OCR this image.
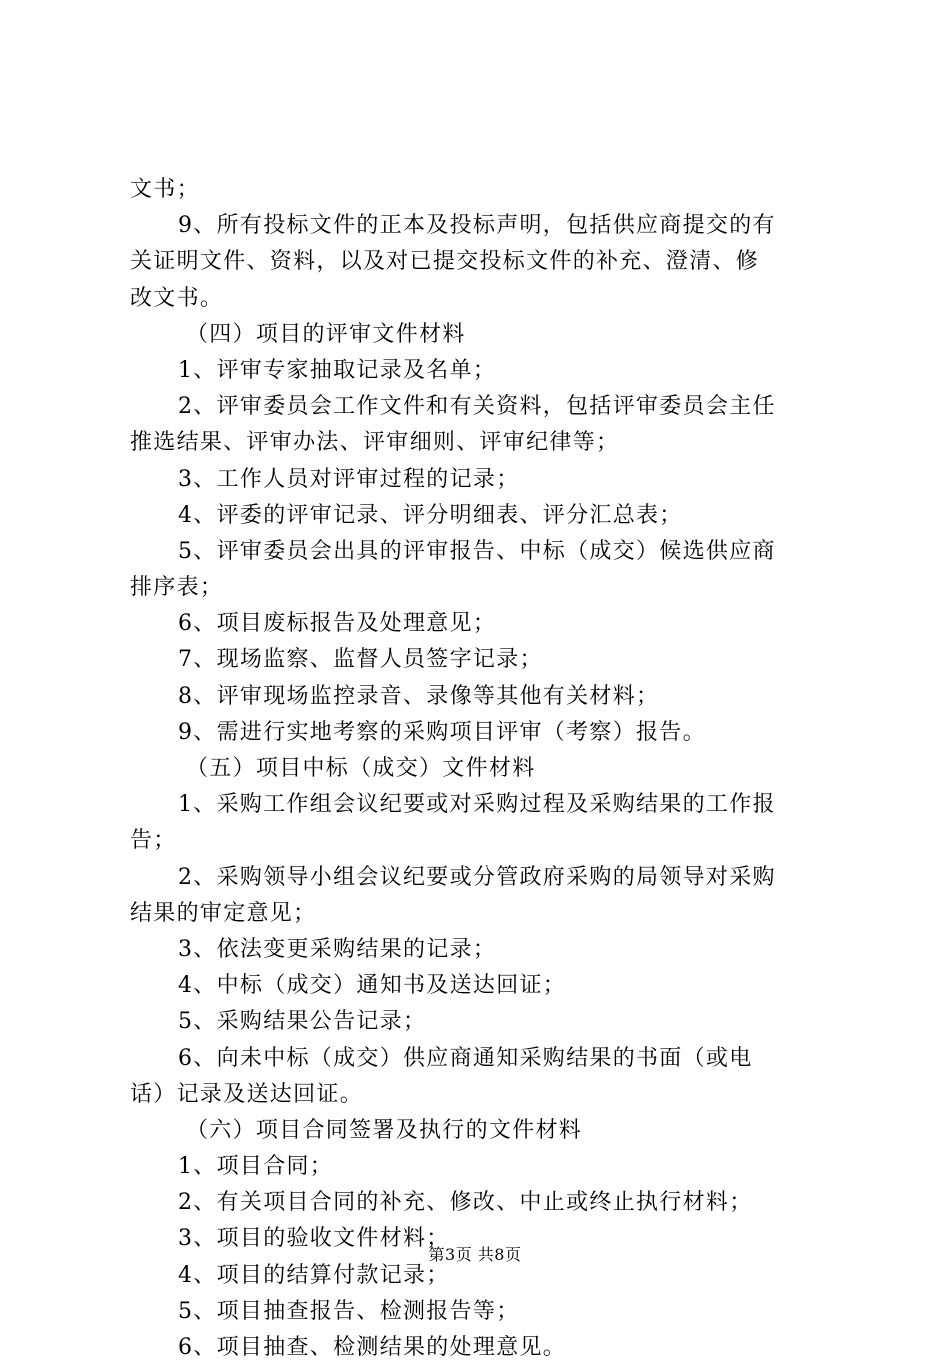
文书；
9、所有投标文件的正本及投标声明，包括供应商提交的有
关证明文件、资料，以及对已提交投标文件的补充、澄清、修
改文书。
（四）项目的评审文件材料
1、评审专家抽取记录及名单；
2、评审委员会工作文件和有关资料，包括评审委员会主任
推选结果、评审办法、评审细则、评审纪律等；
3、工作人员对评审过程的记录；
4、评委的评审记录、评分明细表、评分汇总表；
5、评审委员会出具的评审报告、中标（成交）候选供应商
排序表；
6、项目废标报告及处理意见；
7、现场监察、监督人员签字记录；
8、评审现场监控录音、录像等其他有关材料；
9、需进行实地考察的采购项目评审（考察）报告。
（五）项目中标（成交）文件材料
1、采购工作组会议纪要或对采购过程及采购结果的工作报
告；
2、采购领导小组会议纪要或分管政府采购的局领导对采购
结果的审定意见；
3、依法变更采购结果的记录；
4、中标（成交）通知书及送达回证；
5、采购结果公告记录；
6、向未中标（成交）供应商通知采购结果的书面（或电
话）记录及送达回证。
（六）项目合同签署及执行的文件材料
1、项目合同；
2、有关项目合同的补充、修改、中止或终止执行材料；
3、项目的验收文件材料；
4、项目的结算付款记录；
5、项目抽查报告、检测报告等；
6、项目抽查、检测结果的处理意见。
第3页 共8页
